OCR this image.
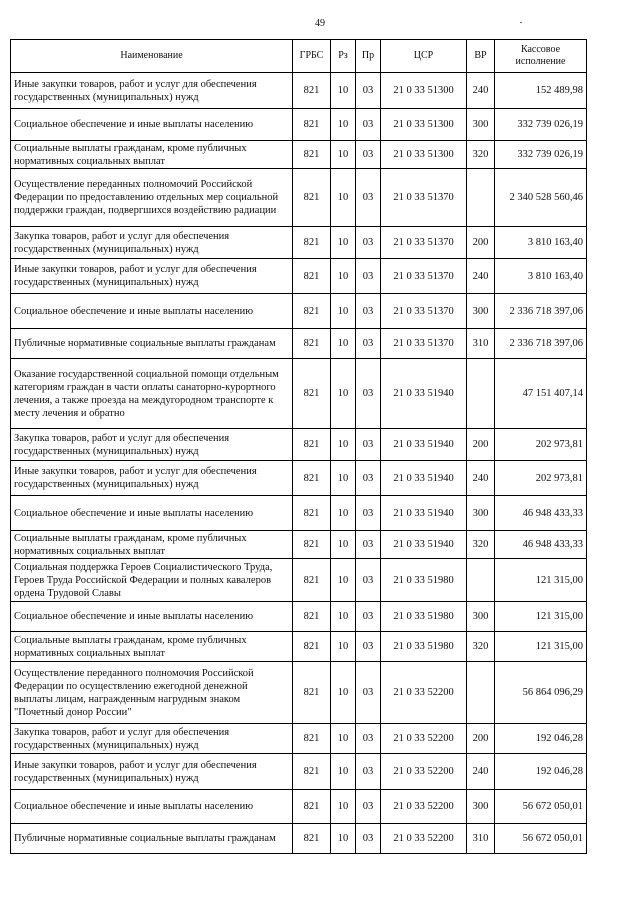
49
Наименование	ГРБС	Рз	Пр	ЦСР	ВР	Кассовое исполнение
Иные закупки товаров, работ и услуг для обеспечения государственных (муниципальных) нужд	821	10	03	21 0 33 51300	240	152 489,98
Социальное обеспечение и иные выплаты населению	821	10	03	21 0 33 51300	300	332 739 026,19
Социальные выплаты гражданам, кроме публичных нормативных социальных выплат	821	10	03	21 0 33 51300	320	332 739 026,19
Осуществление переданных полномочий Российской Федерации по предоставлению отдельных мер социальной поддержки граждан, подвергшихся воздействию радиации	821	10	03	21 0 33 51370		2 340 528 560,46
Закупка товаров, работ и услуг для обеспечения государственных (муниципальных) нужд	821	10	03	21 0 33 51370	200	3 810 163,40
Иные закупки товаров, работ и услуг для обеспечения государственных (муниципальных) нужд	821	10	03	21 0 33 51370	240	3 810 163,40
Социальное обеспечение и иные выплаты населению	821	10	03	21 0 33 51370	300	2 336 718 397,06
Публичные нормативные социальные выплаты гражданам	821	10	03	21 0 33 51370	310	2 336 718 397,06
Оказание государственной социальной помощи отдельным категориям граждан в части оплаты санаторно-курортного лечения, а также проезда на междугородном транспорте к месту лечения и обратно	821	10	03	21 0 33 51940		47 151 407,14
Закупка товаров, работ и услуг для обеспечения государственных (муниципальных) нужд	821	10	03	21 0 33 51940	200	202 973,81
Иные закупки товаров, работ и услуг для обеспечения государственных (муниципальных) нужд	821	10	03	21 0 33 51940	240	202 973,81
Социальное обеспечение и иные выплаты населению	821	10	03	21 0 33 51940	300	46 948 433,33
Социальные выплаты гражданам, кроме публичных нормативных социальных выплат	821	10	03	21 0 33 51940	320	46 948 433,33
Социальная поддержка Героев Социалистического Труда, Героев Труда Российской Федерации и полных кавалеров ордена Трудовой Славы	821	10	03	21 0 33 51980		121 315,00
Социальное обеспечение и иные выплаты населению	821	10	03	21 0 33 51980	300	121 315,00
Социальные выплаты гражданам, кроме публичных нормативных социальных выплат	821	10	03	21 0 33 51980	320	121 315,00
Осуществление переданного полномочия Российской Федерации по осуществлению ежегодной денежной выплаты лицам, награжденным нагрудным знаком "Почетный донор России"	821	10	03	21 0 33 52200		56 864 096,29
Закупка товаров, работ и услуг для обеспечения государственных (муниципальных) нужд	821	10	03	21 0 33 52200	200	192 046,28
Иные закупки товаров, работ и услуг для обеспечения государственных (муниципальных) нужд	821	10	03	21 0 33 52200	240	192 046,28
Социальное обеспечение и иные выплаты населению	821	10	03	21 0 33 52200	300	56 672 050,01
Публичные нормативные социальные выплаты гражданам	821	10	03	21 0 33 52200	310	56 672 050,01
